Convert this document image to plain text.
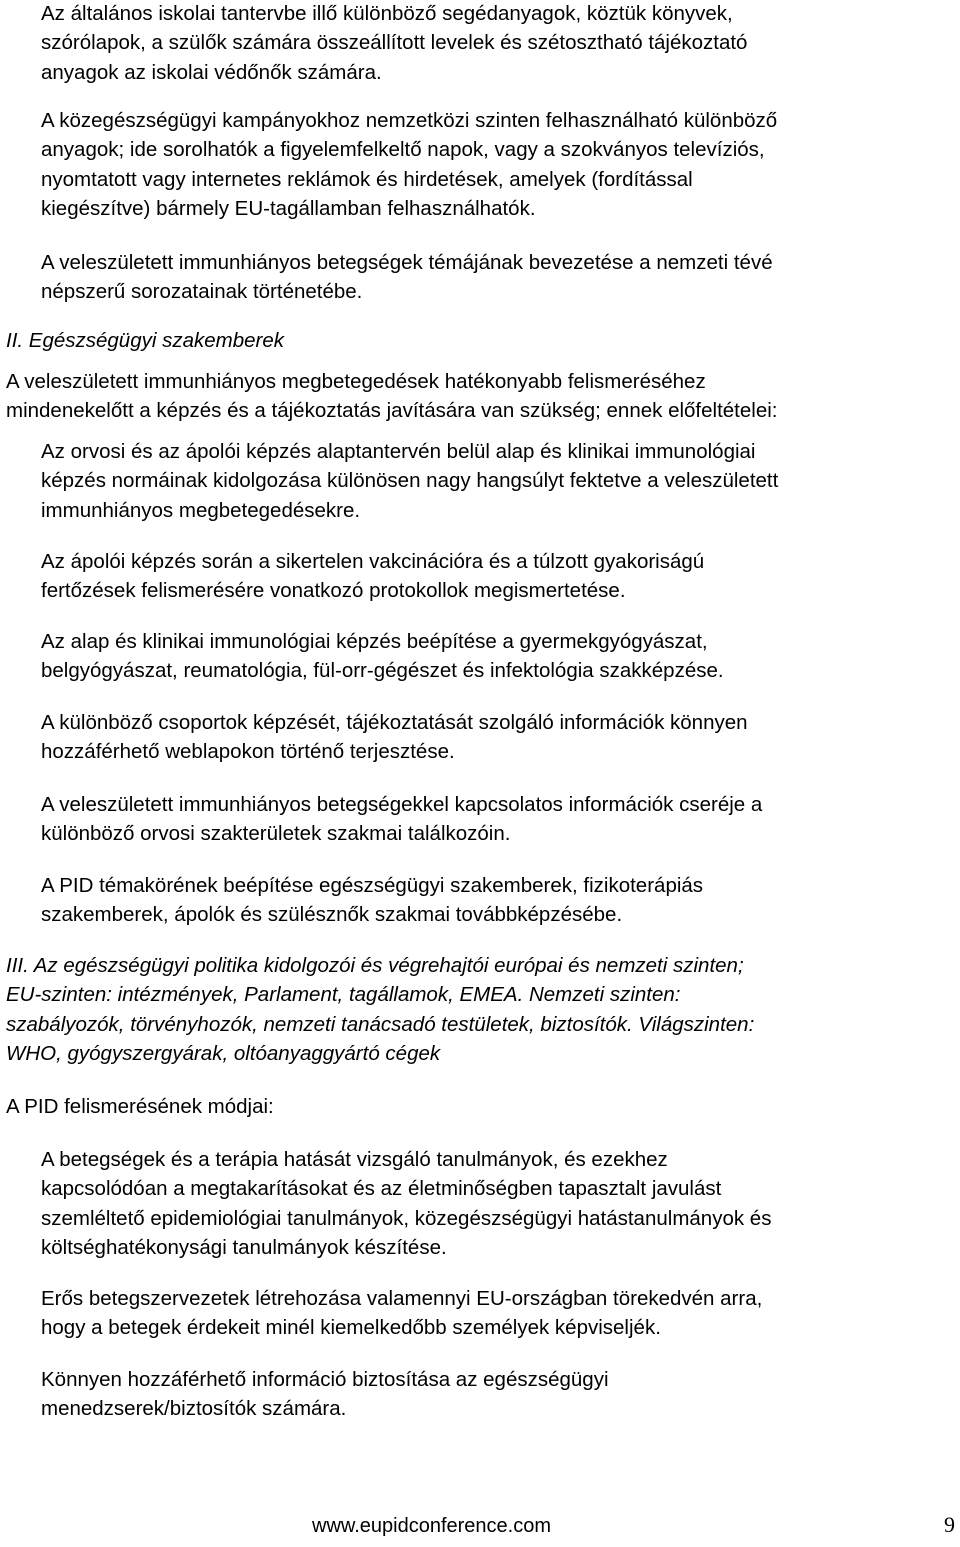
Az általános iskolai tantervbe illő különböző segédanyagok, köztük könyvek,
szórólapok, a szülők számára összeállított levelek és szétosztható tájékoztató
anyagok az iskolai védőnők számára.

A közegészségügyi kampányokhoz nemzetközi szinten felhasználható különböző
anyagok; ide sorolhatók a figyelemfelkeltő napok, vagy a szokványos televíziós,
nyomtatott vagy internetes reklámok és hirdetések, amelyek (fordítással
kiegészítve) bármely EU-tagállamban felhasználhatók.

A veleszületett immunhiányos betegségek témájának bevezetése a nemzeti tévé
népszerű sorozatainak történetébe.

II. Egészségügyi szakemberek

A veleszületett immunhiányos megbetegedések hatékonyabb felismeréséhez
mindenekelőtt a képzés és a tájékoztatás javítására van szükség; ennek előfeltételei:

Az orvosi és az ápolói képzés alaptantervén belül alap és klinikai immunológiai
képzés normáinak kidolgozása különösen nagy hangsúlyt fektetve a veleszületett
immunhiányos megbetegedésekre.

Az ápolói képzés során a sikertelen vakcinációra és a túlzott gyakoriságú
fertőzések felismerésére vonatkozó protokollok megismertetése.

Az alap és klinikai immunológiai képzés beépítése a gyermekgyógyászat,
belgyógyászat, reumatológia, fül-orr-gégészet és infektológia szakképzése.

A különböző csoportok képzését, tájékoztatását szolgáló információk könnyen
hozzáférhető weblapokon történő terjesztése.

A veleszületett immunhiányos betegségekkel kapcsolatos információk cseréje a
különböző orvosi szakterületek szakmai találkozóin.

A PID témakörének beépítése egészségügyi szakemberek, fizikoterápiás
szakemberek, ápolók és szülésznők szakmai továbbképzésébe.

III. Az egészségügyi politika kidolgozói és végrehajtói európai és nemzeti szinten;
EU-szinten: intézmények, Parlament, tagállamok, EMEA. Nemzeti szinten:
szabályozók, törvényhozók, nemzeti tanácsadó testületek, biztosítók. Világszinten:
WHO, gyógyszergyárak, oltóanyaggyártó cégek

A PID felismerésének módjai:

A betegségek és a terápia hatását vizsgáló tanulmányok, és ezekhez
kapcsolódóan a megtakarításokat és az életminőségben tapasztalt javulást
szemléltető epidemiológiai tanulmányok, közegészségügyi hatástanulmányok és
költséghatékonysági tanulmányok készítése.

Erős betegszervezetek létrehozása valamennyi EU-országban törekedvén arra,
hogy a betegek érdekeit minél kiemelkedőbb személyek képviseljék.

Könnyen hozzáférhető információ biztosítása az egészségügyi
menedzserek/biztosítók számára.

www.eupidconference.com	9
